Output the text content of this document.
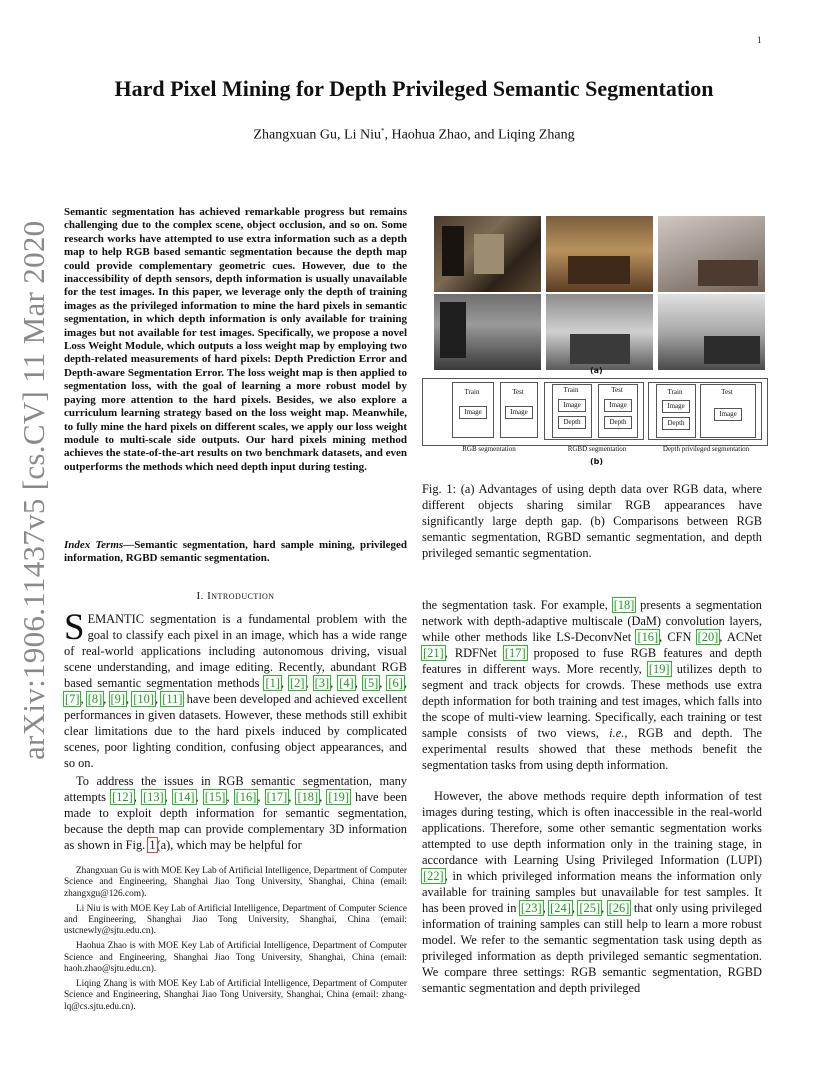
1
arXiv:1906.11437v5 [cs.CV] 11 Mar 2020
Hard Pixel Mining for Depth Privileged Semantic Segmentation
Zhangxuan Gu, Li Niu*, Haohua Zhao, and Liqing Zhang
Semantic segmentation has achieved remarkable progress but remains challenging due to the complex scene, object occlusion, and so on. Some research works have attempted to use extra information such as a depth map to help RGB based semantic segmentation because the depth map could provide complementary geometric cues. However, due to the inaccessibility of depth sensors, depth information is usually unavailable for the test images. In this paper, we leverage only the depth of training images as the privileged information to mine the hard pixels in semantic segmentation, in which depth information is only available for training images but not available for test images. Specifically, we propose a novel Loss Weight Module, which outputs a loss weight map by employing two depth-related measurements of hard pixels: Depth Prediction Error and Depth-aware Segmentation Error. The loss weight map is then applied to segmentation loss, with the goal of learning a more robust model by paying more attention to the hard pixels. Besides, we also explore a curriculum learning strategy based on the loss weight map. Meanwhile, to fully mine the hard pixels on different scales, we apply our loss weight module to multi-scale side outputs. Our hard pixels mining method achieves the state-of-the-art results on two benchmark datasets, and even outperforms the methods which need depth input during testing.
Index Terms—Semantic segmentation, hard sample mining, privileged information, RGBD semantic segmentation.
I. Introduction
SEMANTIC segmentation is a fundamental problem with the goal to classify each pixel in an image, which has a wide range of real-world applications including autonomous driving, visual scene understanding, and image editing. Recently, abundant RGB based semantic segmentation methods [1], [2], [3], [4], [5], [6], [7], [8], [9], [10], [11] have been developed and achieved excellent performances in given datasets. However, these methods still exhibit clear limitations due to the hard pixels induced by complicated scenes, poor lighting condition, confusing object appearances, and so on.
To address the issues in RGB semantic segmentation, many attempts [12], [13], [14], [15], [16], [17], [18], [19] have been made to exploit depth information for semantic segmentation, because the depth map can provide complementary 3D information as shown in Fig. 1(a), which may be helpful for

Zhangxuan Gu is with MOE Key Lab of Artificial Intelligence, Department of Computer Science and Engineering, Shanghai Jiao Tong University, Shanghai, China (email: zhangxgu@126.com).

Li Niu is with MOE Key Lab of Artificial Intelligence, Department of Computer Science and Engineering, Shanghai Jiao Tong University, Shanghai, China (email: ustcnewly@sjtu.edu.cn).

Haohua Zhao is with MOE Key Lab of Artificial Intelligence, Department of Computer Science and Engineering, Shanghai Jiao Tong University, Shanghai, China (email: haoh.zhao@sjtu.edu.cn).

Liqing Zhang is with MOE Key Lab of Artificial Intelligence, Department of Computer Science and Engineering, Shanghai Jiao Tong University, Shanghai, China (email: zhang-lq@cs.sjtu.edu.cn).

(a)
Train
Image
Test
Image
Train
Image
Depth
Test
Image
Depth
Train
Image
Depth
Test
Image
RGB segmentation	RGBD segmentation	Depth privileged segmentation
(b)
Fig. 1: (a) Advantages of using depth data over RGB data, where different objects sharing similar RGB appearances have significantly large depth gap. (b) Comparisons between RGB semantic segmentation, RGBD semantic segmentation, and depth privileged semantic segmentation.
the segmentation task. For example, [18] presents a segmentation network with depth-adaptive multiscale (DaM) convolution layers, while other methods like LS-DeconvNet [16], CFN [20], ACNet [21], RDFNet [17] proposed to fuse RGB features and depth features in different ways. More recently, [19] utilizes depth to segment and track objects for crowds. These methods use extra depth information for both training and test images, which falls into the scope of multi-view learning. Specifically, each training or test sample consists of two views, i.e., RGB and depth. The experimental results showed that these methods benefit the segmentation tasks from using depth information.
However, the above methods require depth information of test images during testing, which is often inaccessible in the real-world applications. Therefore, some other semantic segmentation works attempted to use depth information only in the training stage, in accordance with Learning Using Privileged Information (LUPI) [22], in which privileged information means the information only available for training samples but unavailable for test samples. It has been proved in [23], [24], [25], [26] that only using privileged information of training samples can still help to learn a more robust model. We refer to the semantic segmentation task using depth as privileged information as depth privileged semantic segmentation. We compare three settings: RGB semantic segmentation, RGBD semantic segmentation and depth privileged
